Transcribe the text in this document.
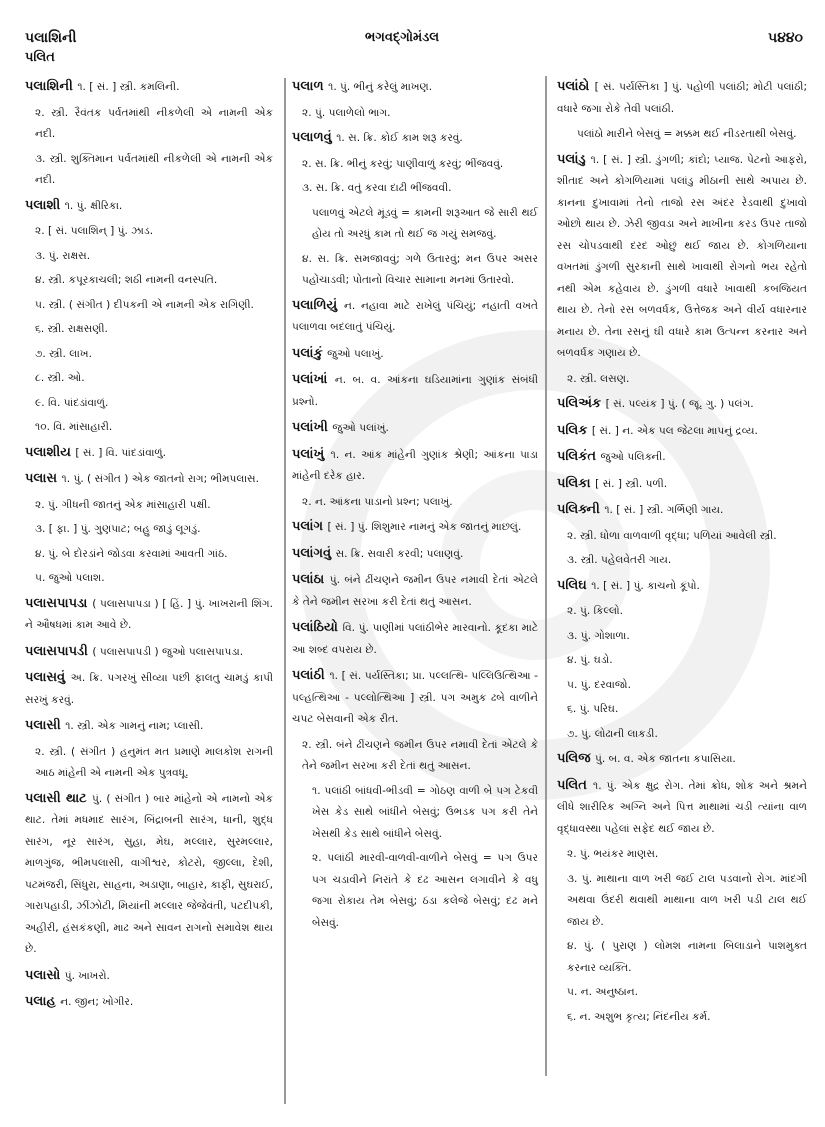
પલાશિની
પલિત
ભગવદ્ગોમંડલ	૫૪૪૦
પલાશિની ૧. [ સં. ] સ્ત્રી. કમલિની.
૨. સ્ત્રી. રૈવંતક પર્વતમાંથી નીકળેલી એ નામની એક નદી.
૩. સ્ત્રી. શુક્તિમાન પર્વતમાંથી નીકળેલી એ નામની એક નદી.
પલાશી ૧. પું. ક્ષીરિકા.
૨. [ સં. પલાશિન્ ] પું. ઝાડ.
૩. પું. રાક્ષસ.
૪. સ્ત્રી. કપૂરકાચલી; શઠી નામની વનસ્પતિ.
૫. સ્ત્રી. ( સંગીત ) દીપકની એ નામની એક રાગિણી.
૬. સ્ત્રી. રાક્ષસણી.
૭. સ્ત્રી. લાખ.
૮. સ્ત્રી. ઓ.
૯. વિ. પાંદડાંવાળું.
૧૦. વિ. માંસાહારી.
પલાશીય [ સં. ] વિ. પાંદડાંવાળું.
પલાસ ૧. પું. ( સંગીત ) એક જાતનો રાગ; ભીમપલાસ.
૨. પું. ગીધની જાતનું એક માંસાહારી પક્ષી.
૩. [ ફા. ] પું. ગુણપાટ; બહુ જાડું લૂગડું.
૪. પું. બે દોરડાંને જોડવા કરવામાં આવતી ગાંઠ.
૫. જુઓ પલાશ.
પલાસપાપડા ( પલાસપાપડા ) [ હિં. ] પું. ખાખરાની શિંગ. ને ઔષધમાં કામ આવે છે.
પલાસપાપડી ( પલાસપાપડી ) જુઓ પલાસપાપડા.
પલાસવું અ. ક્રિ. પગરખું સીવ્યા પછી ફાલતુ ચામડું કાપી સરખું કરવું.
પલાસી ૧. સ્ત્રી. એક ગામનું નામ; પ્લાસી.
૨. સ્ત્રી. ( સંગીત ) હનુમંત મત પ્રમાણે માલકોશ રાગની આઠ માંહેની એ નામની એક પુત્રવધૂ.
પલાસી થાટ પું. ( સંગીત ) બાર માંહેનો એ નામનો એક થાટ. તેમાં મધમાદ સારંગ, બિંદ્રાબની સારંગ, ધાની, શુદ્ધ સારંગ, નૂર સારંગ, સુહા, મેઘ, મલ્લાર, સુરમલ્લાર, માળગુંજ, ભીમપલાસી, વાગીશ્વર, કોટરો, જીલ્લા, દેશી, પટમંજરી, સિંધુરા, સાહના, અડાણા, બાહાર, કાફી, સુઘરાઈ, ગારાપહાડી, ઝીંઝોટી, મિયાંની મલ્લાર જેજેવંતી, પટદીપકી, અહીરી, હંસકંકણી, માઢ અને સાવન રાગનો સમાવેશ થાય છે.
પલાસો પું. ખાખરો.
પલાહ ન. જીન; ખોગીર.
પલાળ ૧. પું. ભીનું કરેલું માખણ.
૨. પું. પલાળેલો ભાગ.
પલાળવું ૧. સ. ક્રિ. કોઈ કામ શરૂ કરવું.
૨. સ. ક્રિ. ભીનું કરવું; પાણીવાળું કરવું; ભીંજવવું.
૩. સ. ક્રિ. વતું કરવા દાઢી ભીંજવવી.
પલાળવું એટલે મૂંડવું = કામની શરૂઆત જે સારી થઈ હોય તો અરધું કામ તો થઈ જ ગયું સમજવું.
૪. સ. ક્રિ. સમજાવવું; ગળે ઉતારવું; મન ઉપર અસર પહોંચાડવી; પોતાનો વિચાર સામાના મનમાં ઉતારવો.
પલાળિયું ન. નહાવા માટે રાખેલું પંચિયું; નહાતી વખતે પલાળવા બદલાતું પંચિયું.
પલાંકું જુઓ પલાખું.
પલાંખાં ન. બ. વ. આંકના ઘડિયામાંના ગુણાંક સંબંધી પ્રશ્નો.
પલાંખી જુઓ પલાંખું.
પલાંખું ૧. ન. આંક માંહેની ગુણાંક શ્રેણી; આંકના પાડા માંહેની દરેક હાર.
૨. ન. આંકના પાડાનો પ્રશ્ન; પલાખું.
પલાંગ [ સં. ] પું. શિશુમાર નામનું એક જાતનું માછલું.
પલાંગવું સ. ક્રિ. સવારી કરવી; પલાણવું.
પલાંઠા પું. બંને ઢીંચણને જમીન ઉપર નમાવી દેતાં એટલે કે તેને જમીન સરખા કરી દેતાં થતું આસન.
પલાંઠિયો વિ. પું. પાણીમાં પલાંઠીભેર મારવાનો. કૂદકા માટે આ શબ્દ વપરાય છે.
પલાંઠી ૧. [ સં. પર્યસ્તિકા; પ્રા. પલ્લત્થિ- પલ્લિઉત્થિઆ - પલ્હત્થિઆ - પલ્લોત્થિઆ ] સ્ત્રી. પગ અમુક ઢબે વાળીને ચપટ બેસવાની એક રીત.
૨. સ્ત્રી. બંને ઢીંચણને જમીન ઉપર નમાવી દેતાં એટલે કે તેને જમીન સરખા કરી દેતાં થતું આસન.
૧. પલાંઠી બાંધવી-ભીડવી = ગોઠણ વાળી બે પગ ટેકવી ખેસ કેડ સાથે બાંધીને બેસવું; ઉભડક પગ કરી તેને ખેસથી કેડ સાથે બાંધીને બેસવું.
૨. પલાંઠી મારવી-વાળવી-વાળીને બેસવું = પગ ઉપર પગ ચડાવીને નિરાંતે કે દઢ આસન લગાવીને કે વધુ જગા રોકાય તેમ બેસવું; ઠંડા કલેજે બેસવું; દઢ મને બેસવું.
પલાંઠો [ સં. પર્યસ્તિકા ] પું. પહોળી પલાંઠી; મોટી પલાંઠી; વધારે જગા રોકે તેવી પલાંઠી.
પલાંઠો મારીને બેસવું = મક્કમ થઈ નીડરતાથી બેસવું.
પલાંડુ ૧. [ સં. ] સ્ત્રી. ડુંગળી; કાંદો; પ્યાજ. પેટનો આફરો, શીતાદ અને કોગળિયામાં પલાંડુ મીઠાની સાથે અપાય છે. કાનના દુખાવામાં તેનો તાજો રસ અંદર રેડવાથી દુખાવો ઓછો થાય છે. ઝેરી જીવડા અને માખીના કરડ ઉપર તાજો રસ ચોપડવાથી દરદ ઓછું થઈ જાય છે. કોગળિયાના વખતમાં ડુંગળી સુરકાની સાથે ખાવાથી રોગનો ભય રહેતો નથી એમ કહેવાય છે. ડુંગળી વધારે ખાવાથી કબજિયત થાય છે. તેનો રસ બળવર્ધક, ઉત્તેજક અને વીર્ય વધારનાર મનાય છે. તેના રસનું ઘી વધારે કામ ઉત્પન્ન કરનાર અને બળવર્ધક ગણાય છે.
૨. સ્ત્રી. લસણ.
પલિઅંક [ સં. પલ્યંક ] પું. ( જૂ. ગુ. ) પલંગ.
પલિક [ સં. ] ન. એક પલ જેટલા માપનું દ્રવ્ય.
પલિકંત જુઓ પલિક્ની.
પલિકા [ સં. ] સ્ત્રી. પળી.
પલિક્ની ૧. [ સં. ] સ્ત્રી. ગર્ભિણી ગાય.
૨. સ્ત્રી. ધોળા વાળવાળી વૃદ્ધા; પળિયાં આવેલી સ્ત્રી.
૩. સ્ત્રી. પહેલવેતરી ગાય.
પલિઘ ૧. [ સં. ] પું. કાચનો કૂંપો.
૨. પું. કિલ્લો.
૩. પું. ગોશાળા.
૪. પું. ઘડો.
૫. પું. દરવાજો.
૬. પું. પરિઘ.
૭. પું. લોઢાની લાકડી.
પલિજ પું. બ. વ. એક જાતના કપાસિયા.
પલિત ૧. પું. એક ક્ષુદ્ર રોગ. તેમાં ક્રોધ, શોક અને શ્રમને લીધે શારીરિક અગ્નિ અને પિત્ત માથામાં ચડી ત્યાંના વાળ વૃદ્ધાવસ્થા પહેલાં સફેદ થઈ જાય છે.
૨. પું. ભયંકર માણસ.
૩. પું. માથાના વાળ ખરી જઈ ટાલ પડવાનો રોગ. માંદગી અથવા ઉંદરી થવાથી માથાના વાળ ખરી પડી ટાલ થઈ જાય છે.
૪. પું. ( પુરાણ ) લોમશ નામના બિલાડાને પાશમુક્ત કરનાર વ્યક્તિ.
૫. ન. અનુષ્ઠાન.
૬. ન. અશુભ કૃત્ય; નિંદનીય કર્મ.
